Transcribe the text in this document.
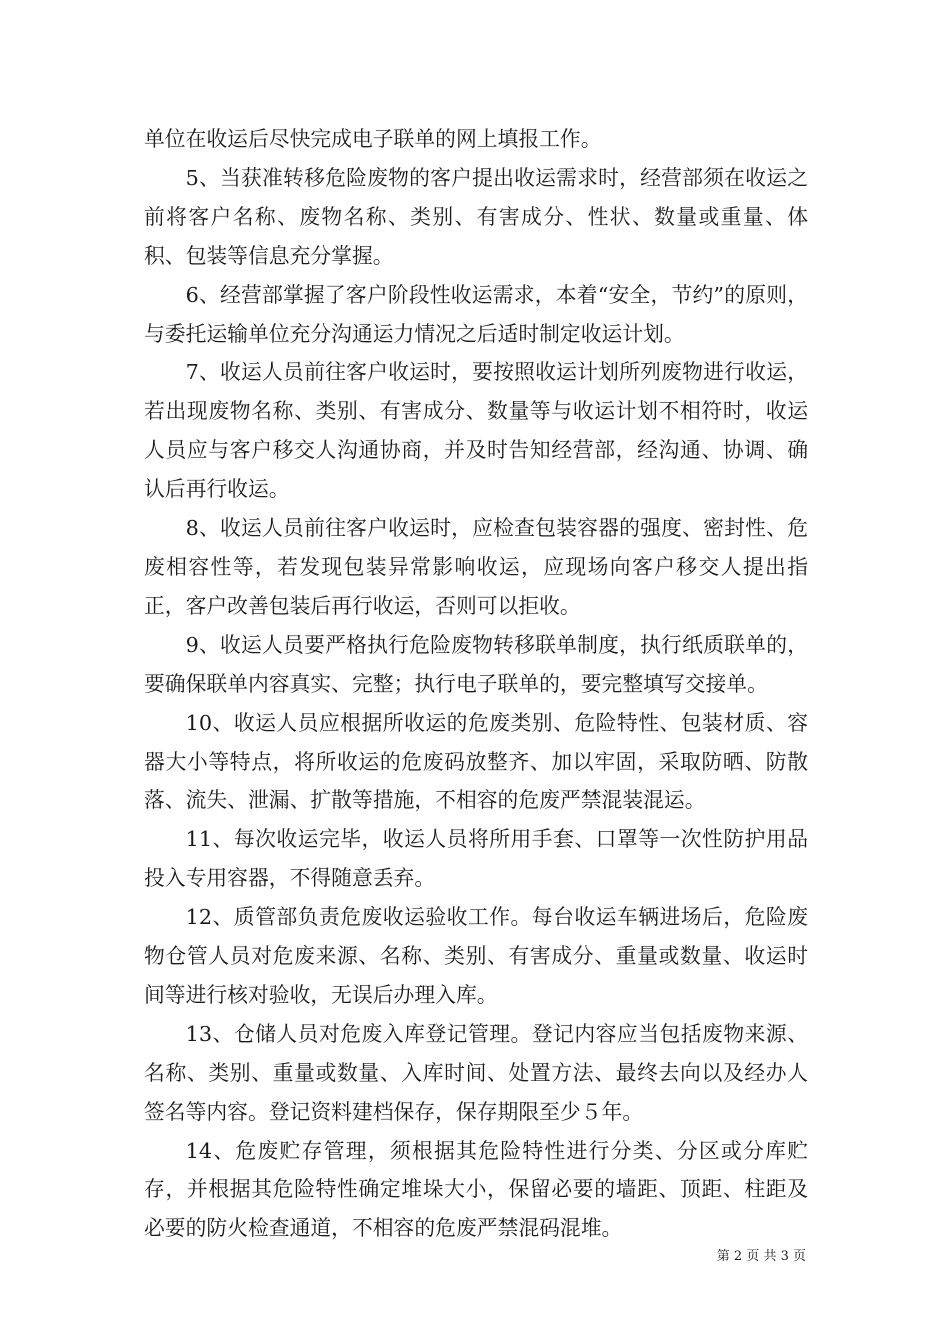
单位在收运后尽快完成电子联单的网上填报工作。

5、当获准转移危险废物的客户提出收运需求时，经营部须在收运之前将客户名称、废物名称、类别、有害成分、性状、数量或重量、体积、包装等信息充分掌握。

6、经营部掌握了客户阶段性收运需求，本着“安全，节约”的原则，与委托运输单位充分沟通运力情况之后适时制定收运计划。

7、收运人员前往客户收运时，要按照收运计划所列废物进行收运，若出现废物名称、类别、有害成分、数量等与收运计划不相符时，收运人员应与客户移交人沟通协商，并及时告知经营部，经沟通、协调、确认后再行收运。

8、收运人员前往客户收运时，应检查包装容器的强度、密封性、危废相容性等，若发现包装异常影响收运，应现场向客户移交人提出指正，客户改善包装后再行收运，否则可以拒收。

9、收运人员要严格执行危险废物转移联单制度，执行纸质联单的，要确保联单内容真实、完整；执行电子联单的，要完整填写交接单。

10、收运人员应根据所收运的危废类别、危险特性、包装材质、容器大小等特点，将所收运的危废码放整齐、加以牢固，采取防晒、防散落、流失、泄漏、扩散等措施，不相容的危废严禁混装混运。

11、每次收运完毕，收运人员将所用手套、口罩等一次性防护用品投入专用容器，不得随意丢弃。

12、质管部负责危废收运验收工作。每台收运车辆进场后，危险废物仓管人员对危废来源、名称、类别、有害成分、重量或数量、收运时间等进行核对验收，无误后办理入库。

13、仓储人员对危废入库登记管理。登记内容应当包括废物来源、名称、类别、重量或数量、入库时间、处置方法、最终去向以及经办人签名等内容。登记资料建档保存，保存期限至少５年。

14、危废贮存管理，须根据其危险特性进行分类、分区或分库贮存，并根据其危险特性确定堆垛大小，保留必要的墙距、顶距、柱距及必要的防火检查通道，不相容的危废严禁混码混堆。

第 2 页 共 3 页
